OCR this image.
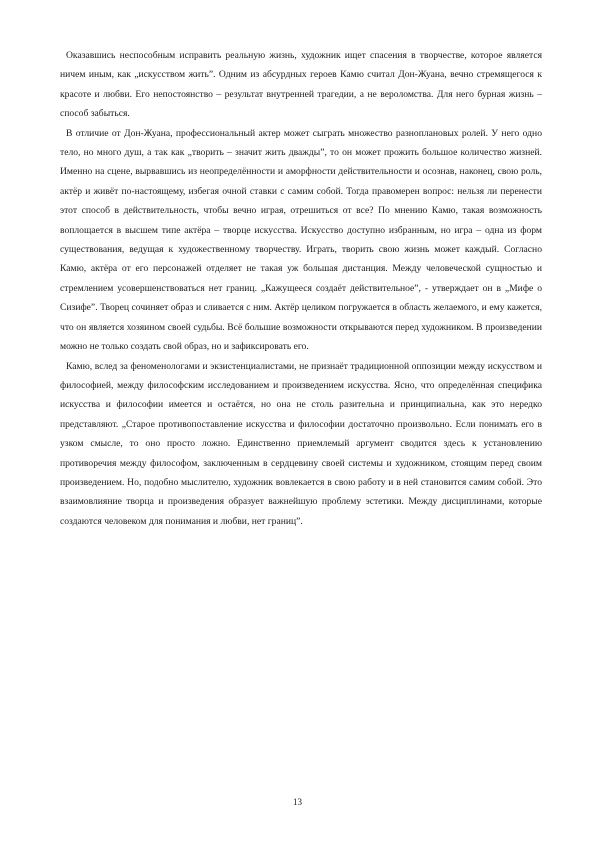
Оказавшись неспособным исправить реальную жизнь, художник ищет спасения в творчестве, которое является ничем иным, как „искусством жить”. Одним из абсурдных героев Камю считал Дон-Жуана, вечно стремящегося к красоте и любви. Его непостоянство – результат внутренней трагедии, а не вероломства. Для него бурная жизнь – способ забыться.

В отличие от Дон-Жуана, профессиональный актер может сыграть множество разноплановых ролей. У него одно тело, но много душ, а так как „творить – значит жить дважды”, то он может прожить большое количество жизней. Именно на сцене, вырвавшись из неопределённости и аморфности действительности и осознав, наконец, свою роль, актёр и живёт по-настоящему, избегая очной ставки с самим собой. Тогда правомерен вопрос: нельзя ли перенести этот способ в действительность, чтобы вечно играя, отрешиться от все? По мнению Камю, такая возможность воплощается в высшем типе актёра – творце искусства. Искусство доступно избранным, но игра – одна из форм существования, ведущая к художественному творчеству. Играть, творить свою жизнь может каждый. Согласно Камю, актёра от его персонажей отделяет не такая уж большая дистанция. Между человеческой сущностью и стремлением усовершенствоваться нет границ. „Кажущееся создаёт действительное”, - утверждает он в „Мифе о Сизифе”. Творец сочиняет образ и сливается с ним. Актёр целиком погружается в область желаемого, и ему кажется, что он является хозяином своей судьбы. Всё большие возможности открываются перед художником. В произведении можно не только создать свой образ, но и зафиксировать его.

Камю, вслед за феноменологами и экзистенциалистами, не признаёт традиционной оппозиции между искусством и философией, между философским исследованием и произведением искусства. Ясно, что определённая специфика искусства и философии имеется и остаётся, но она не столь разительна и принципиальна, как это нередко представляют. „Старое противопоставление искусства и философии достаточно произвольно. Если понимать его в узком смысле, то оно просто ложно. Единственно приемлемый аргумент сводится здесь к установлению противоречия между философом, заключенным в сердцевину своей системы и художником, стоящим перед своим произведением. Но, подобно мыслителю, художник вовлекается в свою работу и в ней становится самим собой. Это взаимовлияние творца и произведения образует важнейшую проблему эстетики. Между дисциплинами, которые создаются человеком для понимания и любви, нет границ”.

13
